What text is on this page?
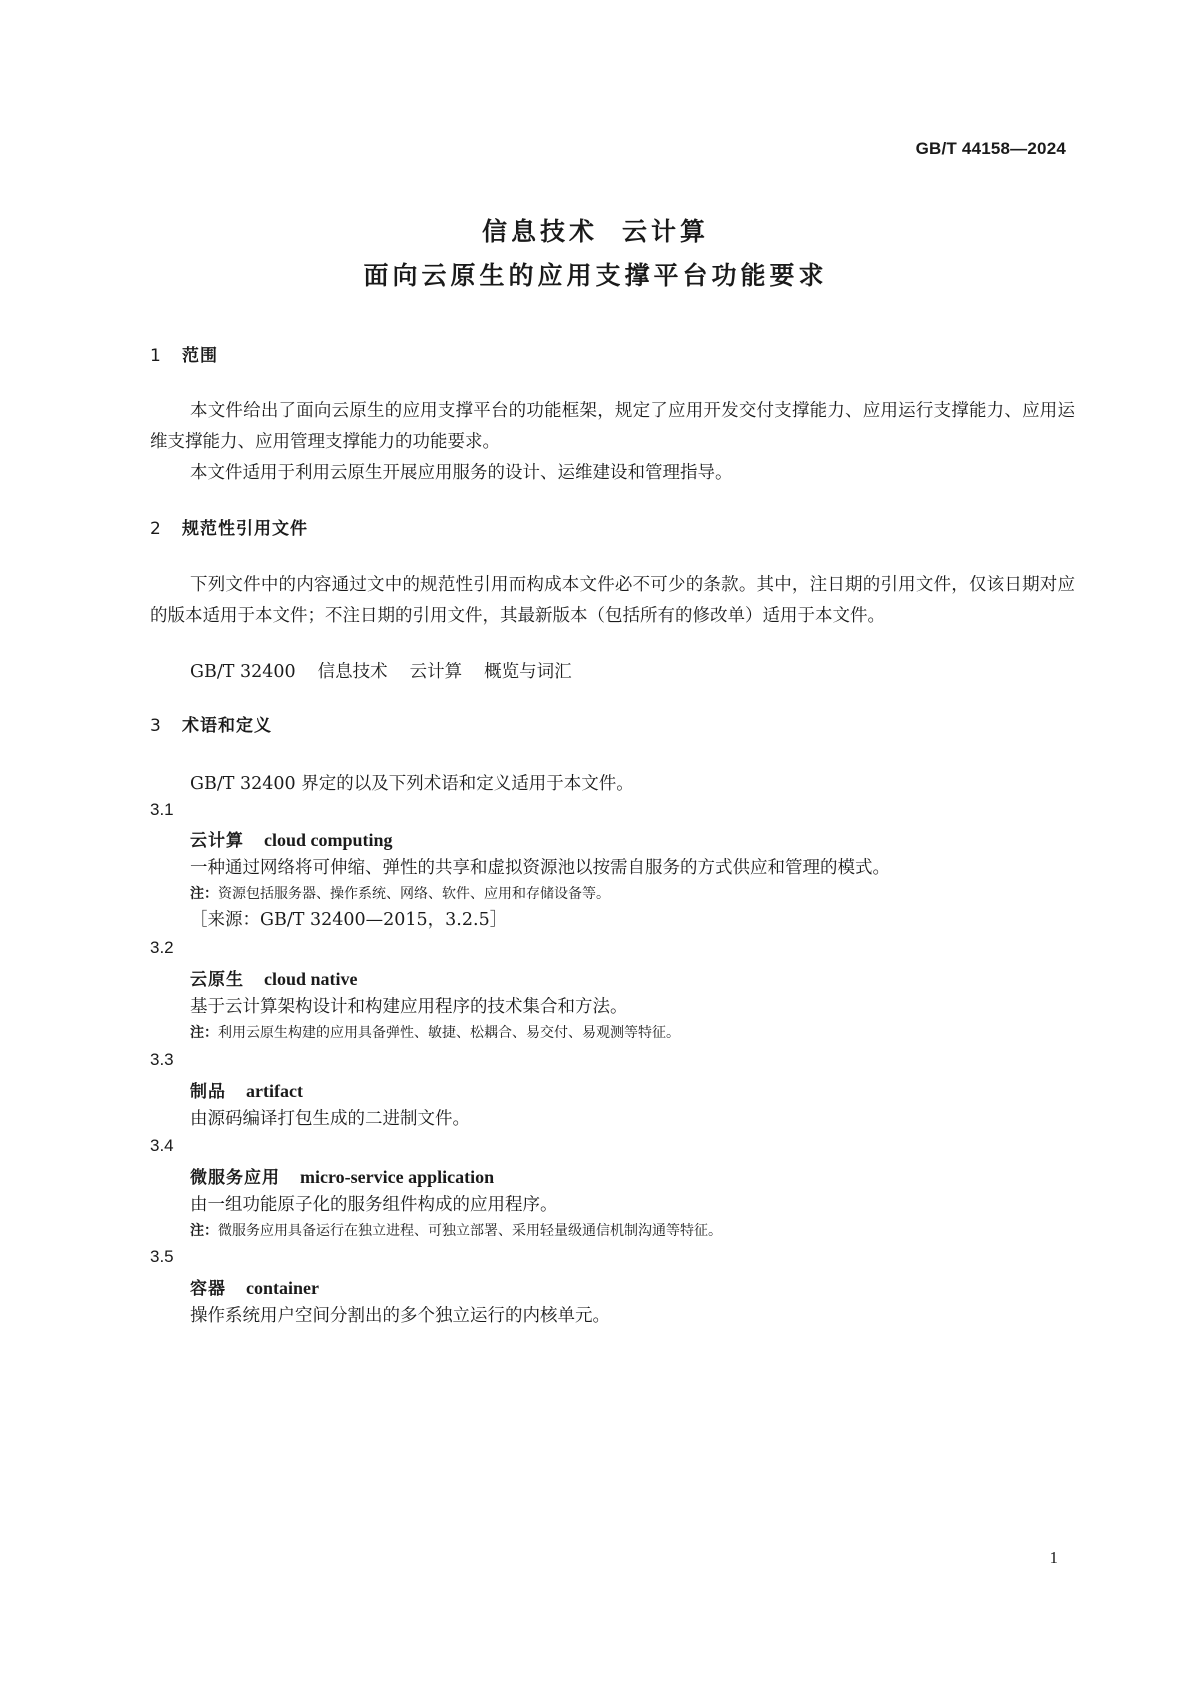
GB/T 44158—2024
信息技术 云计算
面向云原生的应用支撑平台功能要求
1 范围

本文件给出了面向云原生的应用支撑平台的功能框架，规定了应用开发交付支撑能力、应用运行支撑能力、应用运维支撑能力、应用管理支撑能力的功能要求。

本文件适用于利用云原生开展应用服务的设计、运维建设和管理指导。

2 规范性引用文件

下列文件中的内容通过文中的规范性引用而构成本文件必不可少的条款。其中，注日期的引用文件，仅该日期对应的版本适用于本文件；不注日期的引用文件，其最新版本（包括所有的修改单）适用于本文件。

GB/T 32400 信息技术 云计算 概览与词汇
3 术语和定义
GB/T 32400 界定的以及下列术语和定义适用于本文件。
3.1
云计算 cloud computing
一种通过网络将可伸缩、弹性的共享和虚拟资源池以按需自服务的方式供应和管理的模式。
注：资源包括服务器、操作系统、网络、软件、应用和存储设备等。
［来源：GB/T 32400—2015，3.2.5］
3.2
云原生 cloud native
基于云计算架构设计和构建应用程序的技术集合和方法。
注：利用云原生构建的应用具备弹性、敏捷、松耦合、易交付、易观测等特征。
3.3
制品 artifact
由源码编译打包生成的二进制文件。
3.4
微服务应用 micro-service application
由一组功能原子化的服务组件构成的应用程序。
注：微服务应用具备运行在独立进程、可独立部署、采用轻量级通信机制沟通等特征。
3.5
容器 container
操作系统用户空间分割出的多个独立运行的内核单元。
1
